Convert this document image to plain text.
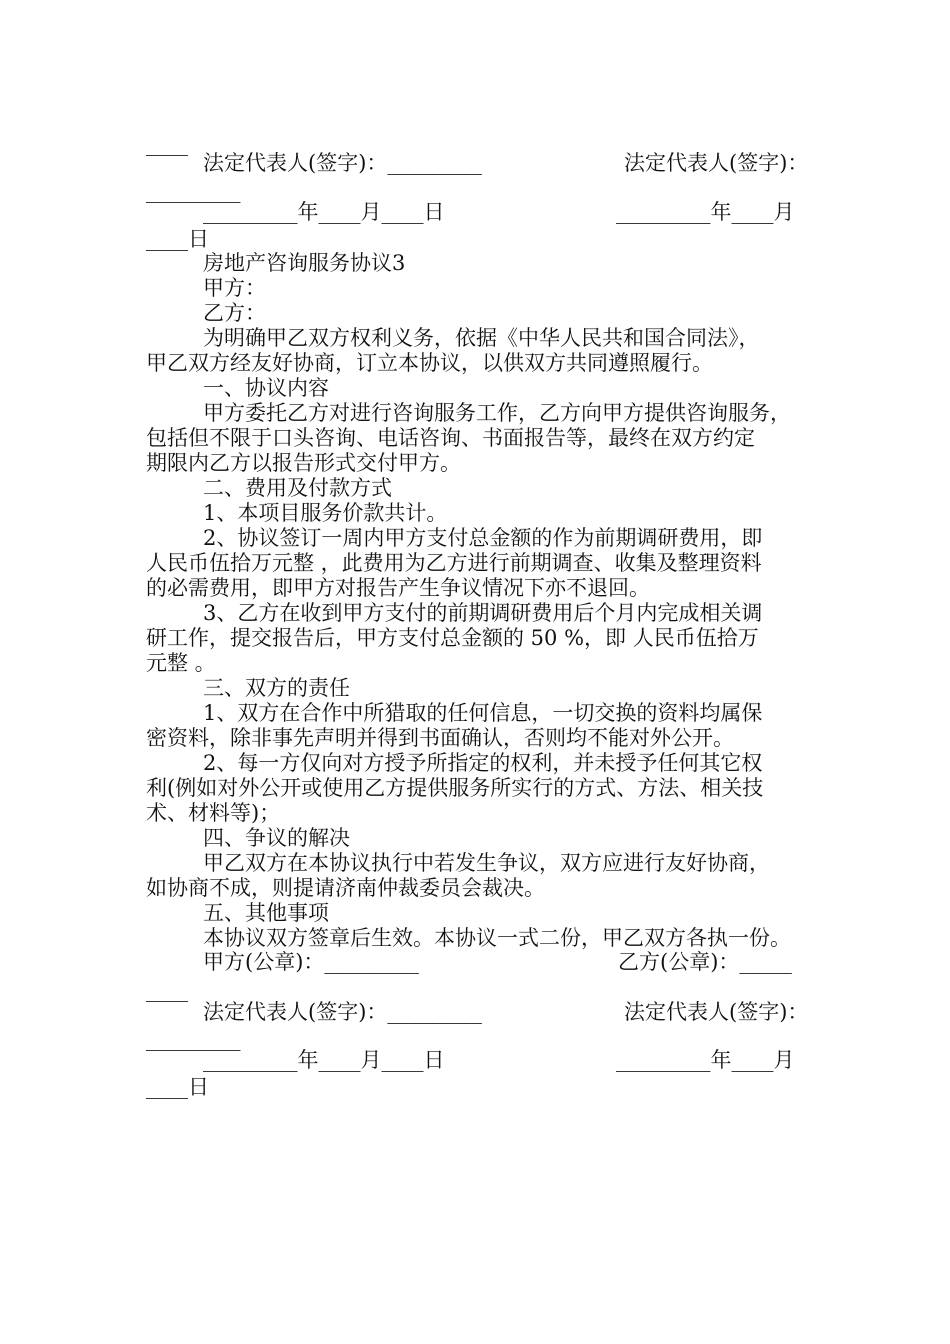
____
法定代表人(签字)：_________	法定代表人(签字)：
_________
_________年____月____日	_________年____月
____日
房地产咨询服务协议3
甲方：
乙方：
为明确甲乙双方权利义务，依据《中华人民共和国合同法》，
甲乙双方经友好协商，订立本协议，以供双方共同遵照履行。
一、协议内容
甲方委托乙方对进行咨询服务工作，乙方向甲方提供咨询服务，
包括但不限于口头咨询、电话咨询、书面报告等，最终在双方约定
期限内乙方以报告形式交付甲方。
二、费用及付款方式
1、本项目服务价款共计。
2、协议签订一周内甲方支付总金额的作为前期调研费用，即
人民币伍拾万元整 ，此费用为乙方进行前期调查、收集及整理资料
的必需费用，即甲方对报告产生争议情况下亦不退回。
3、乙方在收到甲方支付的前期调研费用后个月内完成相关调
研工作，提交报告后，甲方支付总金额的 50 %，即 人民币伍拾万
元整 。
三、双方的责任
1、双方在合作中所猎取的任何信息，一切交换的资料均属保
密资料，除非事先声明并得到书面确认，否则均不能对外公开。
2、每一方仅向对方授予所指定的权利，并未授予任何其它权
利(例如对外公开或使用乙方提供服务所实行的方式、方法、相关技
术、材料等)；
四、争议的解决
甲乙双方在本协议执行中若发生争议，双方应进行友好协商，
如协商不成，则提请济南仲裁委员会裁决。
五、其他事项
本协议双方签章后生效。本协议一式二份，甲乙双方各执一份。
甲方(公章)：_________	乙方(公章)：_____
____
法定代表人(签字)：_________	法定代表人(签字)：
_________
_________年____月____日	_________年____月
____日
